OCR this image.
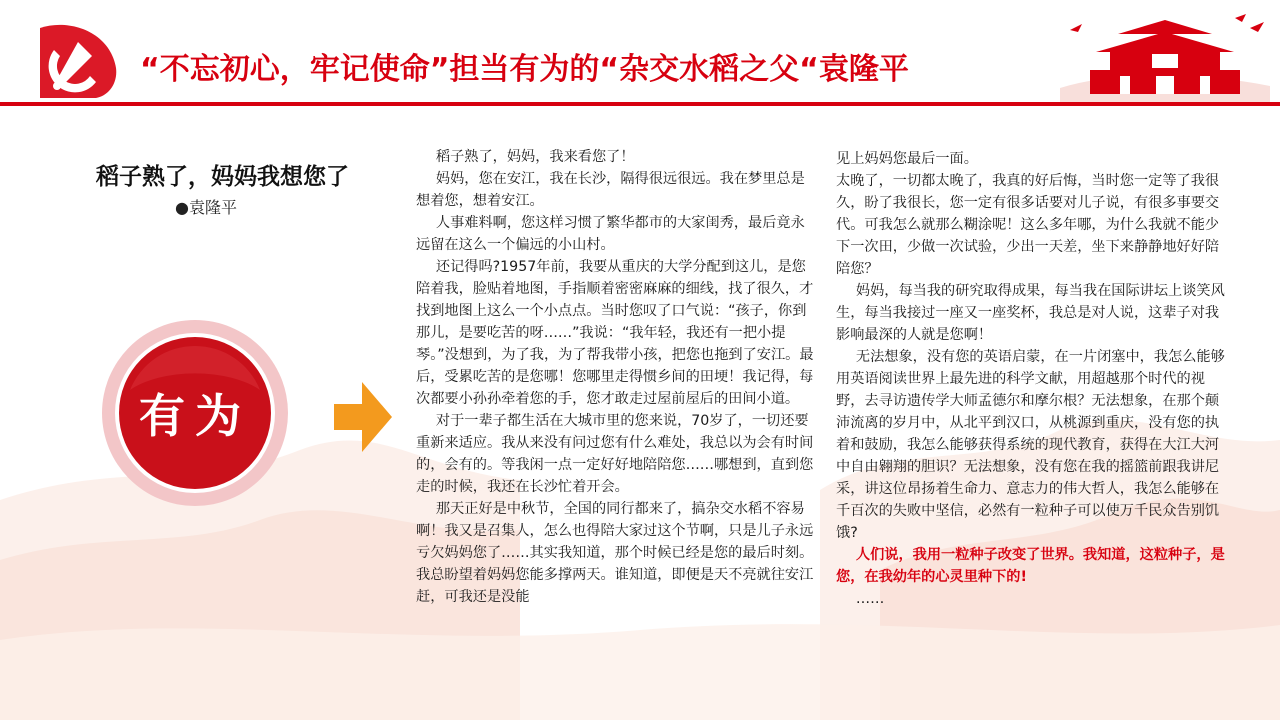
“不忘初心，牢记使命”担当有为的“杂交水稻之父“袁隆平
稻子熟了，妈妈我想您了
●袁隆平
有为

稻子熟了，妈妈，我来看您了！

妈妈，您在安江，我在长沙，隔得很远很远。我在梦里总是想着您，想着安江。

人事难料啊，您这样习惯了繁华都市的大家闺秀，最后竟永远留在这么一个偏远的小山村。

还记得吗?1957年前，我要从重庆的大学分配到这儿，是您陪着我，脸贴着地图，手指顺着密密麻麻的细线，找了很久，才找到地图上这么一个小点点。当时您叹了口气说：“孩子，你到那儿，是要吃苦的呀……”我说：“我年轻，我还有一把小提琴。”没想到，为了我，为了帮我带小孩，把您也拖到了安江。最后，受累吃苦的是您哪！您哪里走得惯乡间的田埂！我记得，每次都要小孙孙牵着您的手，您才敢走过屋前屋后的田间小道。

对于一辈子都生活在大城市里的您来说，70岁了，一切还要重新来适应。我从来没有问过您有什么难处，我总以为会有时间的，会有的。等我闲一点一定好好地陪陪您……哪想到，直到您走的时候，我还在长沙忙着开会。

那天正好是中秋节，全国的同行都来了，搞杂交水稻不容易啊！我又是召集人，怎么也得陪大家过这个节啊，只是儿子永远亏欠妈妈您了……其实我知道，那个时候已经是您的最后时刻。我总盼望着妈妈您能多撑两天。谁知道，即便是天不亮就往安江赶，可我还是没能

见上妈妈您最后一面。

太晚了，一切都太晚了，我真的好后悔，当时您一定等了我很久，盼了我很长，您一定有很多话要对儿子说，有很多事要交代。可我怎么就那么糊涂呢！这么多年哪，为什么我就不能少下一次田，少做一次试验，少出一天差，坐下来静静地好好陪陪您？

妈妈，每当我的研究取得成果，每当我在国际讲坛上谈笑风生，每当我接过一座又一座奖杯，我总是对人说，这辈子对我影响最深的人就是您啊！

无法想象，没有您的英语启蒙，在一片闭塞中，我怎么能够用英语阅读世界上最先进的科学文献，用超越那个时代的视野，去寻访遗传学大师孟德尔和摩尔根？无法想象，在那个颠沛流离的岁月中，从北平到汉口，从桃源到重庆，没有您的执着和鼓励，我怎么能够获得系统的现代教育，获得在大江大河中自由翱翔的胆识？无法想象，没有您在我的摇篮前跟我讲尼采，讲这位昂扬着生命力、意志力的伟大哲人，我怎么能够在千百次的失败中坚信，必然有一粒种子可以使万千民众告别饥饿?

人们说，我用一粒种子改变了世界。我知道，这粒种子，是您，在我幼年的心灵里种下的!

……
